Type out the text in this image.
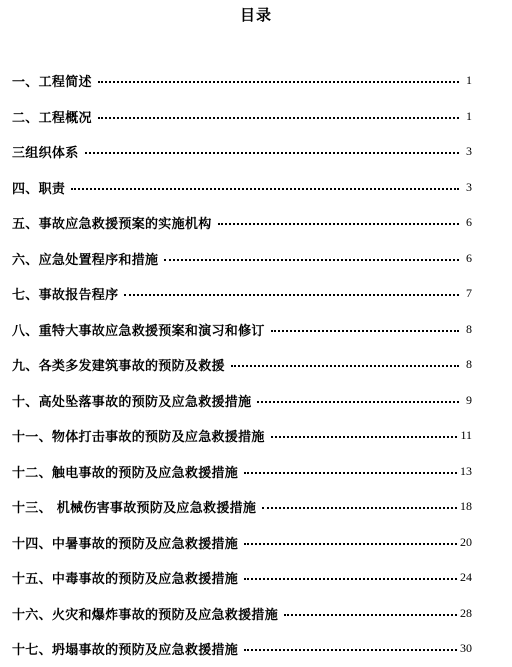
目录
一、工程简述	1
二、工程概况	1
三组织体系	3
四、职责	3
五、事故应急救援预案的实施机构	6
六、应急处置程序和措施	6
七、事故报告程序	7
八、重特大事故应急救援预案和演习和修订	8
九、各类多发建筑事故的预防及救援	8
十、高处坠落事故的预防及应急救援措施	9
十一、物体打击事故的预防及应急救援措施	11
十二、触电事故的预防及应急救援措施	13
十三、 机械伤害事故预防及应急救援措施	18
十四、中暑事故的预防及应急救援措施	20
十五、中毒事故的预防及应急救援措施	24
十六、火灾和爆炸事故的预防及应急救援措施	28
十七、坍塌事故的预防及应急救援措施	30
